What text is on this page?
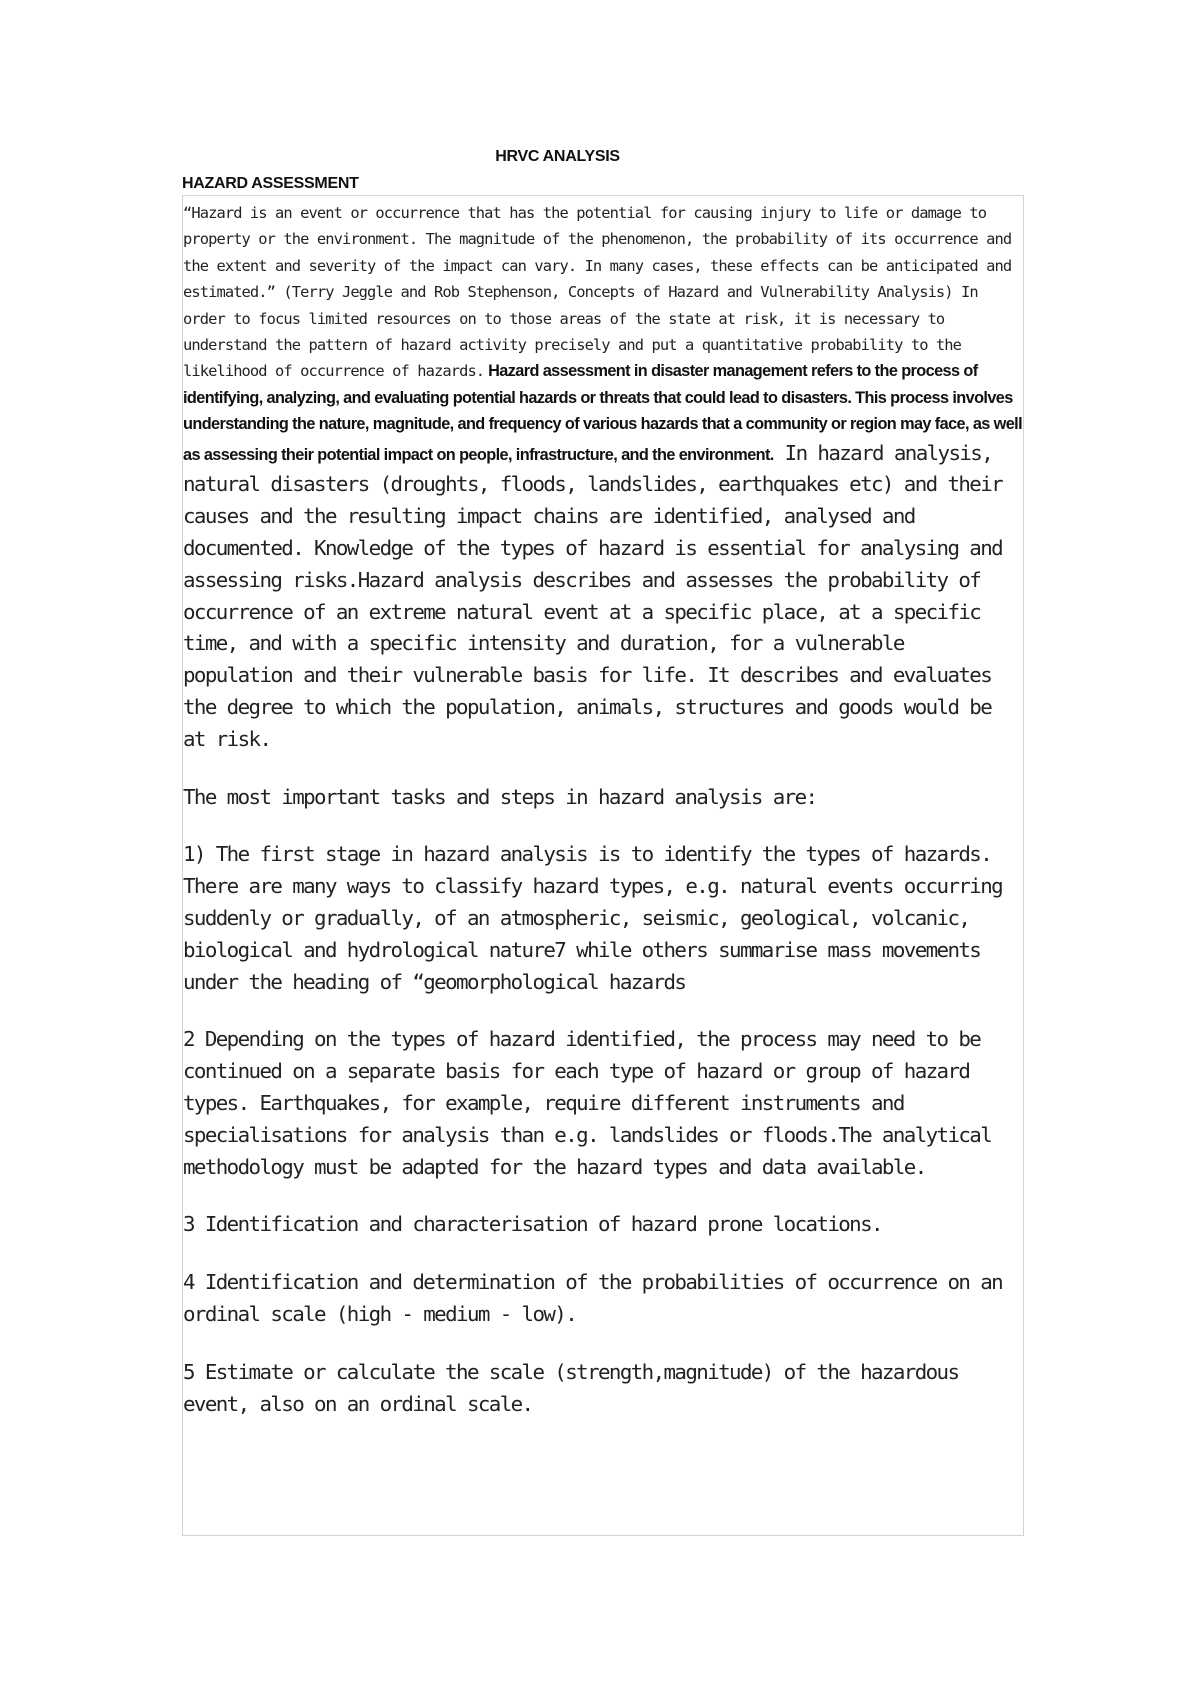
HRVC ANALYSIS
HAZARD ASSESSMENT

“Hazard is an event or occurrence that has the potential for causing injury to life or damage to property or the environment. The magnitude of the phenomenon, the probability of its occurrence and the extent and severity of the impact can vary. In many cases, these effects can be anticipated and estimated.” (Terry Jeggle and Rob Stephenson, Concepts of Hazard and Vulnerability Analysis) In order to focus limited resources on to those areas of the state at risk, it is necessary to understand the pattern of hazard activity precisely and put a quantitative probability to the likelihood of occurrence of hazards. Hazard assessment in disaster management refers to the process of identifying, analyzing, and evaluating potential hazards or threats that could lead to disasters. This process involves understanding the nature, magnitude, and frequency of various hazards that a community or region may face, as well as assessing their potential impact on people, infrastructure, and the environment. In hazard analysis, natural disasters (droughts, floods, landslides, earthquakes etc) and their causes and the resulting impact chains are identified, analysed and documented. Knowledge of the types of hazard is essential for analysing and assessing risks.Hazard analysis describes and assesses the probability of occurrence of an extreme natural event at a specific place, at a specific time, and with a specific intensity and duration, for a vulnerable population and their vulnerable basis for life. It describes and evaluates the degree to which the population, animals, structures and goods would be at risk.

The most important tasks and steps in hazard analysis are:

1) The first stage in hazard analysis is to identify the types of hazards. There are many ways to classify hazard types, e.g. natural events occurring suddenly or gradually, of an atmospheric, seismic, geological, volcanic, biological and hydrological nature7 while others summarise mass movements under the heading of “geomorphological hazards

2 Depending on the types of hazard identified, the process may need to be continued on a separate basis for each type of hazard or group of hazard types. Earthquakes, for example, require different instruments and specialisations for analysis than e.g. landslides or floods.The analytical methodology must be adapted for the hazard types and data available.

3 Identification and characterisation of hazard prone locations.

4 Identification and determination of the probabilities of occurrence on an ordinal scale (high - medium - low).

5 Estimate or calculate the scale (strength,magnitude) of the hazardous event, also on an ordinal scale.
